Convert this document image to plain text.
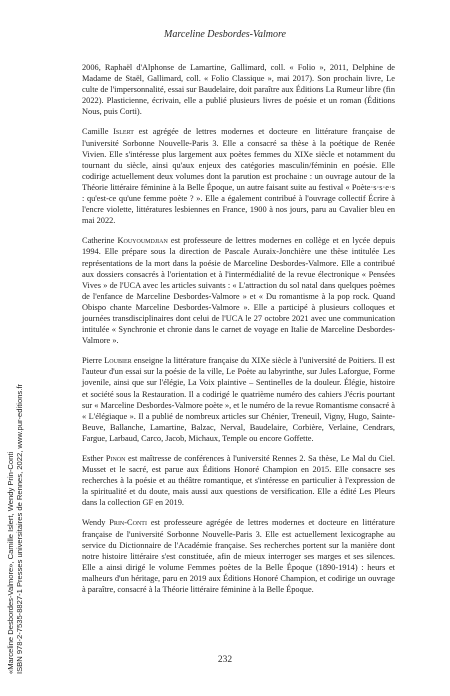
Marceline Desbordes-Valmore

2006, Raphaël d'Alphonse de Lamartine, Gallimard, coll. « Folio », 2011, Delphine de Madame de Staël, Gallimard, coll. « Folio Classique », mai 2017). Son prochain livre, Le culte de l'impersonnalité, essai sur Baudelaire, doit paraître aux Éditions La Rumeur libre (fin 2022). Plasticienne, écrivain, elle a publié plusieurs livres de poésie et un roman (Éditions Nous, puis Corti).

Camille Islert est agrégée de lettres modernes et docteure en littérature française de l'université Sorbonne Nouvelle-Paris 3. Elle a consacré sa thèse à la poétique de Renée Vivien. Elle s'intéresse plus largement aux poètes femmes du XIXe siècle et notamment du tournant du siècle, ainsi qu'aux enjeux des catégories masculin/féminin en poésie. Elle codirige actuellement deux volumes dont la parution est prochaine : un ouvrage autour de la Théorie littéraire féminine à la Belle Époque, un autre faisant suite au festival « Poète·s·s·e·s : qu'est-ce qu'une femme poète ? ». Elle a également contribué à l'ouvrage collectif Écrire à l'encre violette, littératures lesbiennes en France, 1900 à nos jours, paru au Cavalier bleu en mai 2022.

Catherine Kouyoumdjian est professeure de lettres modernes en collège et en lycée depuis 1994. Elle prépare sous la direction de Pascale Auraix-Jonchière une thèse intitulée Les représentations de la mort dans la poésie de Marceline Desbordes-Valmore. Elle a contribué aux dossiers consacrés à l'orientation et à l'intermédialité de la revue électronique « Pensées Vives » de l'UCA avec les articles suivants : « L'attraction du sol natal dans quelques poèmes de l'enfance de Marceline Desbordes-Valmore » et « Du romantisme à la pop rock. Quand Obispo chante Marceline Desbordes-Valmore ». Elle a participé à plusieurs colloques et journées transdisciplinaires dont celui de l'UCA le 27 octobre 2021 avec une communication intitulée « Synchronie et chronie dans le carnet de voyage en Italie de Marceline Desbordes-Valmore ».

Pierre Loubier enseigne la littérature française du XIXe siècle à l'université de Poitiers. Il est l'auteur d'un essai sur la poésie de la ville, Le Poète au labyrinthe, sur Jules Laforgue, Forme jovenile, ainsi que sur l'élégie, La Voix plaintive – Sentinelles de la douleur. Élégie, histoire et société sous la Restauration. Il a codirigé le quatrième numéro des cahiers J'écris pourtant sur « Marceline Desbordes-Valmore poète », et le numéro de la revue Romantisme consacré à « L'élégiaque ». Il a publié de nombreux articles sur Chénier, Treneuil, Vigny, Hugo, Sainte-Beuve, Ballanche, Lamartine, Balzac, Nerval, Baudelaire, Corbière, Verlaine, Cendrars, Fargue, Larbaud, Carco, Jacob, Michaux, Temple ou encore Goffette.

Esther Pinon est maîtresse de conférences à l'université Rennes 2. Sa thèse, Le Mal du Ciel. Musset et le sacré, est parue aux Éditions Honoré Champion en 2015. Elle consacre ses recherches à la poésie et au théâtre romantique, et s'intéresse en particulier à l'expression de la spiritualité et du doute, mais aussi aux questions de versification. Elle a édité Les Pleurs dans la collection GF en 2019.

Wendy Prin-Conti est professeure agrégée de lettres modernes et docteure en littérature française de l'université Sorbonne Nouvelle-Paris 3. Elle est actuellement lexicographe au service du Dictionnaire de l'Académie française. Ses recherches portent sur la manière dont notre histoire littéraire s'est constituée, afin de mieux interroger ses marges et ses silences. Elle a ainsi dirigé le volume Femmes poètes de la Belle Époque (1890-1914) : heurs et malheurs d'un héritage, paru en 2019 aux Éditions Honoré Champion, et codirige un ouvrage à paraître, consacré à la Théorie littéraire féminine à la Belle Époque.

232
«Marceline Desbordes-Valmore», Camille Islert, Wendy Prin-Conti ISBN 978-2-7535-8827-1 Presses universitaires de Rennes, 2022, www.pur-editions.fr
